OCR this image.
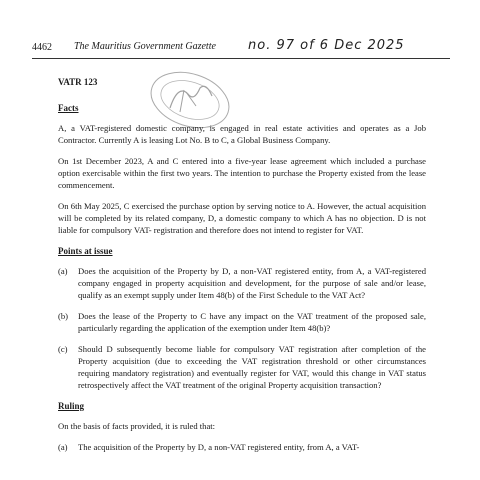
4462 The Mauritius Government Gazette no. 97 of 6 Dec 2025
VATR 123
Facts

A, a VAT-registered domestic company, is engaged in real estate activities and operates as a Job Contractor. Currently A is leasing Lot No. B to C, a Global Business Company.

On 1st December 2023, A and C entered into a five-year lease agreement which included a purchase option exercisable within the first two years. The intention to purchase the Property existed from the lease commencement.

On 6th May 2025, C exercised the purchase option by serving notice to A. However, the actual acquisition will be completed by its related company, D, a domestic company to which A has no objection. D is not liable for compulsory VAT- registration and therefore does not intend to register for VAT.

Points at issue
(a)	Does the acquisition of the Property by D, a non-VAT registered entity, from A, a VAT-registered company engaged in property acquisition and development, for the purpose of sale and/or lease, qualify as an exempt supply under Item 48(b) of the First Schedule to the VAT Act?
(b)	Does the lease of the Property to C have any impact on the VAT treatment of the proposed sale, particularly regarding the application of the exemption under Item 48(b)?
(c)	Should D subsequently become liable for compulsory VAT registration after completion of the Property acquisition (due to exceeding the VAT registration threshold or other circumstances requiring mandatory registration) and eventually register for VAT, would this change in VAT status retrospectively affect the VAT treatment of the original Property acquisition transaction?
Ruling

On the basis of facts provided, it is ruled that:

(a)	The acquisition of the Property by D, a non-VAT registered entity, from A, a VAT-
